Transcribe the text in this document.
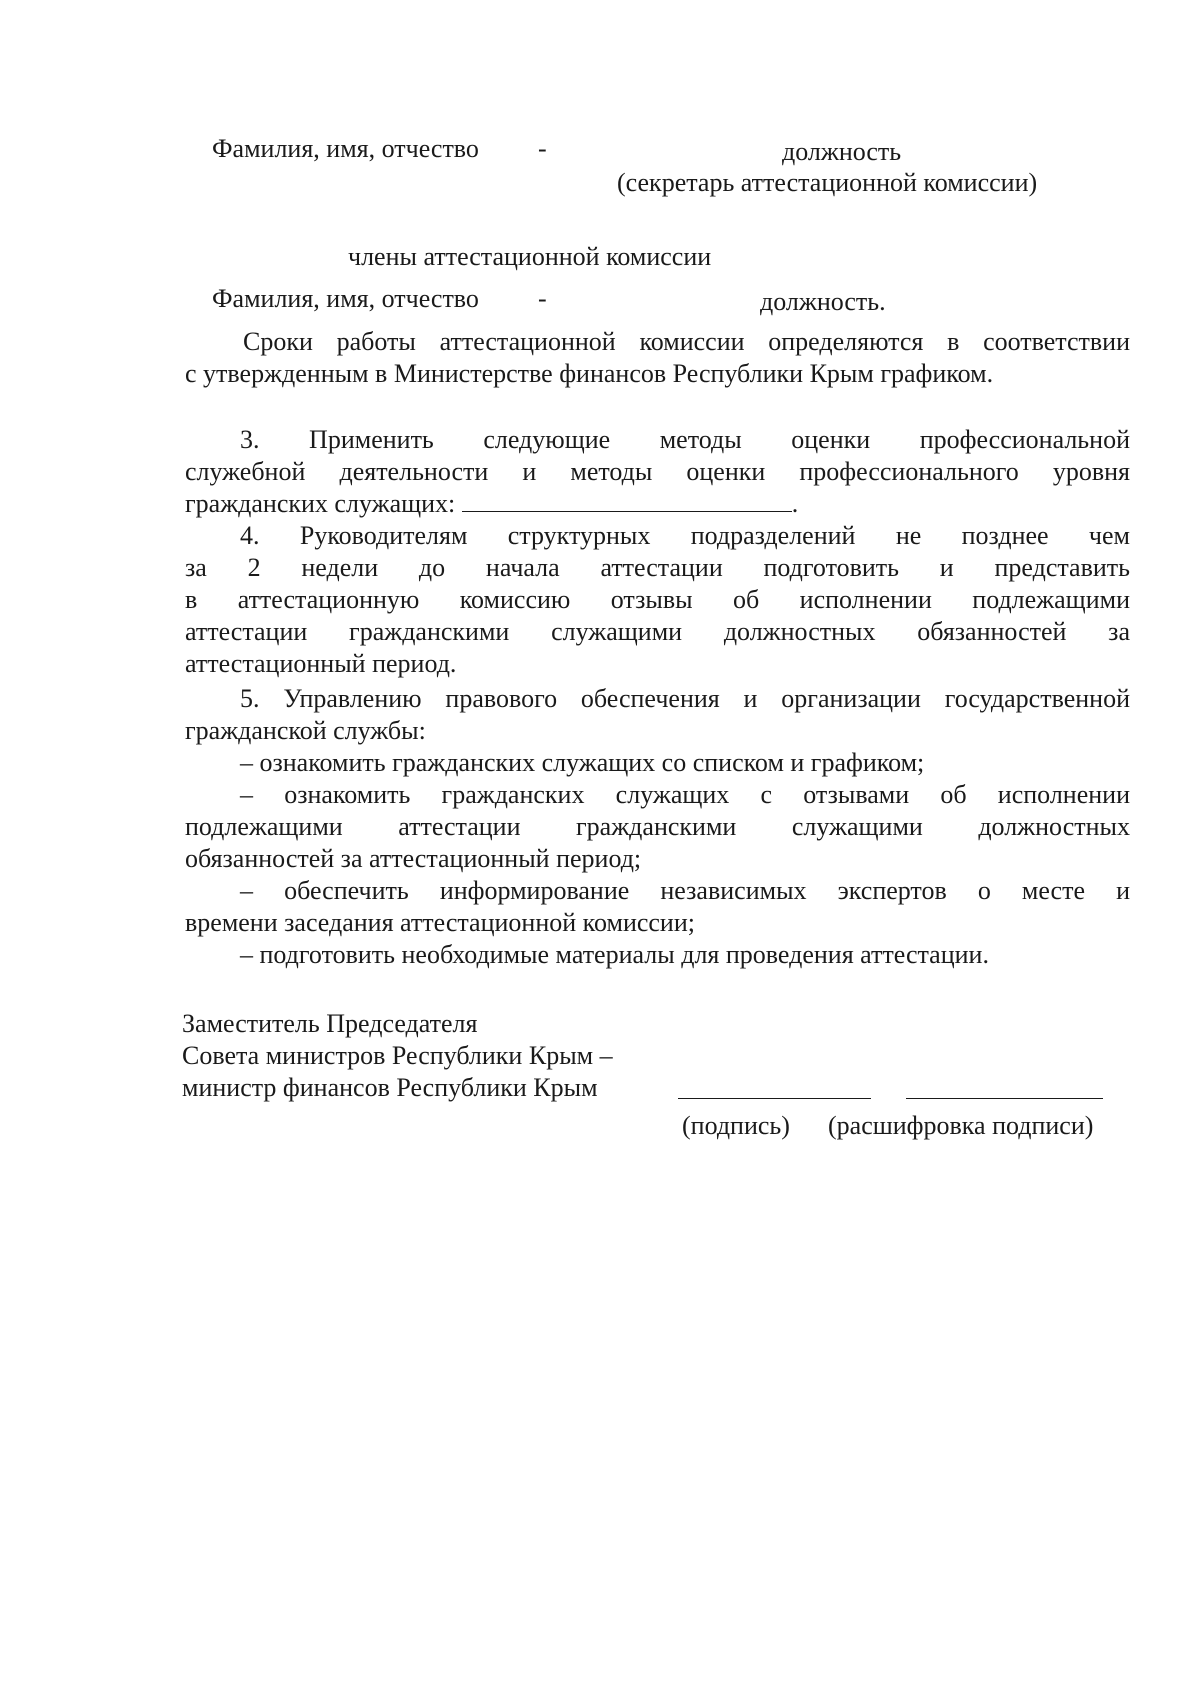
Фамилия, имя, отчество -	должность
(секретарь аттестационной комиссии)
члены аттестационной комиссии
Фамилия, имя, отчество -	должность.
Сроки работы аттестационной комиссии определяются в соответствии
с утвержденным в Министерстве финансов Республики Крым графиком.
3. Применить следующие методы оценки профессиональной
служебной деятельности и методы оценки профессионального уровня
гражданских служащих:	.
4. Руководителям структурных подразделений не позднее чем
за 2 недели до начала аттестации подготовить и представить
в аттестационную комиссию отзывы об исполнении подлежащими
аттестации гражданскими служащими должностных обязанностей за
аттестационный период.
5. Управлению правового обеспечения и организации государственной
гражданской службы:
– ознакомить гражданских служащих со списком и графиком;
– ознакомить гражданских служащих с отзывами об исполнении
подлежащими аттестации гражданскими служащими должностных
обязанностей за аттестационный период;
– обеспечить информирование независимых экспертов о месте и
времени заседания аттестационной комиссии;
– подготовить необходимые материалы для проведения аттестации.
Заместитель Председателя
Совета министров Республики Крым –
министр финансов Республики Крым
(подпись) (расшифровка подписи)
